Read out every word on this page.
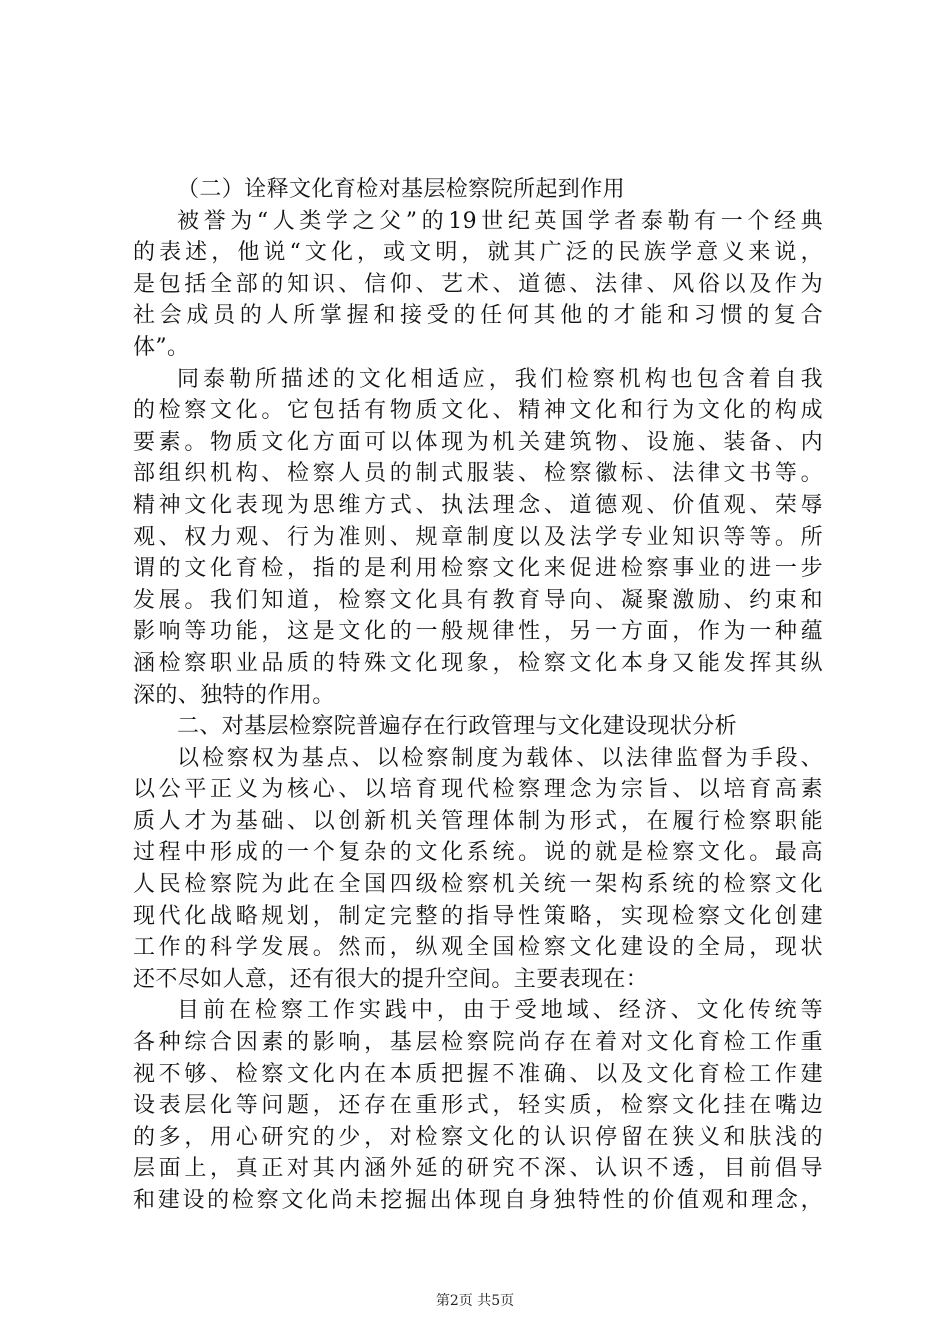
（二）诠释文化育检对基层检察院所起到作用
被誉为“人类学之父”的19世纪英国学者泰勒有一个经典
的表述，他说“文化，或文明，就其广泛的民族学意义来说，
是包括全部的知识、信仰、艺术、道德、法律、风俗以及作为
社会成员的人所掌握和接受的任何其他的才能和习惯的复合
体”。
同泰勒所描述的文化相适应，我们检察机构也包含着自我
的检察文化。它包括有物质文化、精神文化和行为文化的构成
要素。物质文化方面可以体现为机关建筑物、设施、装备、内
部组织机构、检察人员的制式服装、检察徽标、法律文书等。
精神文化表现为思维方式、执法理念、道德观、价值观、荣辱
观、权力观、行为准则、规章制度以及法学专业知识等等。所
谓的文化育检，指的是利用检察文化来促进检察事业的进一步
发展。我们知道，检察文化具有教育导向、凝聚激励、约束和
影响等功能，这是文化的一般规律性，另一方面，作为一种蕴
涵检察职业品质的特殊文化现象，检察文化本身又能发挥其纵
深的、独特的作用。
二、对基层检察院普遍存在行政管理与文化建设现状分析
以检察权为基点、以检察制度为载体、以法律监督为手段、
以公平正义为核心、以培育现代检察理念为宗旨、以培育高素
质人才为基础、以创新机关管理体制为形式，在履行检察职能
过程中形成的一个复杂的文化系统。说的就是检察文化。最高
人民检察院为此在全国四级检察机关统一架构系统的检察文化
现代化战略规划，制定完整的指导性策略，实现检察文化创建
工作的科学发展。然而，纵观全国检察文化建设的全局，现状
还不尽如人意，还有很大的提升空间。主要表现在：
目前在检察工作实践中，由于受地域、经济、文化传统等
各种综合因素的影响，基层检察院尚存在着对文化育检工作重
视不够、检察文化内在本质把握不准确、以及文化育检工作建
设表层化等问题，还存在重形式，轻实质，检察文化挂在嘴边
的多，用心研究的少，对检察文化的认识停留在狭义和肤浅的
层面上，真正对其内涵外延的研究不深、认识不透，目前倡导
和建设的检察文化尚未挖掘出体现自身独特性的价值观和理念，
第2页 共5页
